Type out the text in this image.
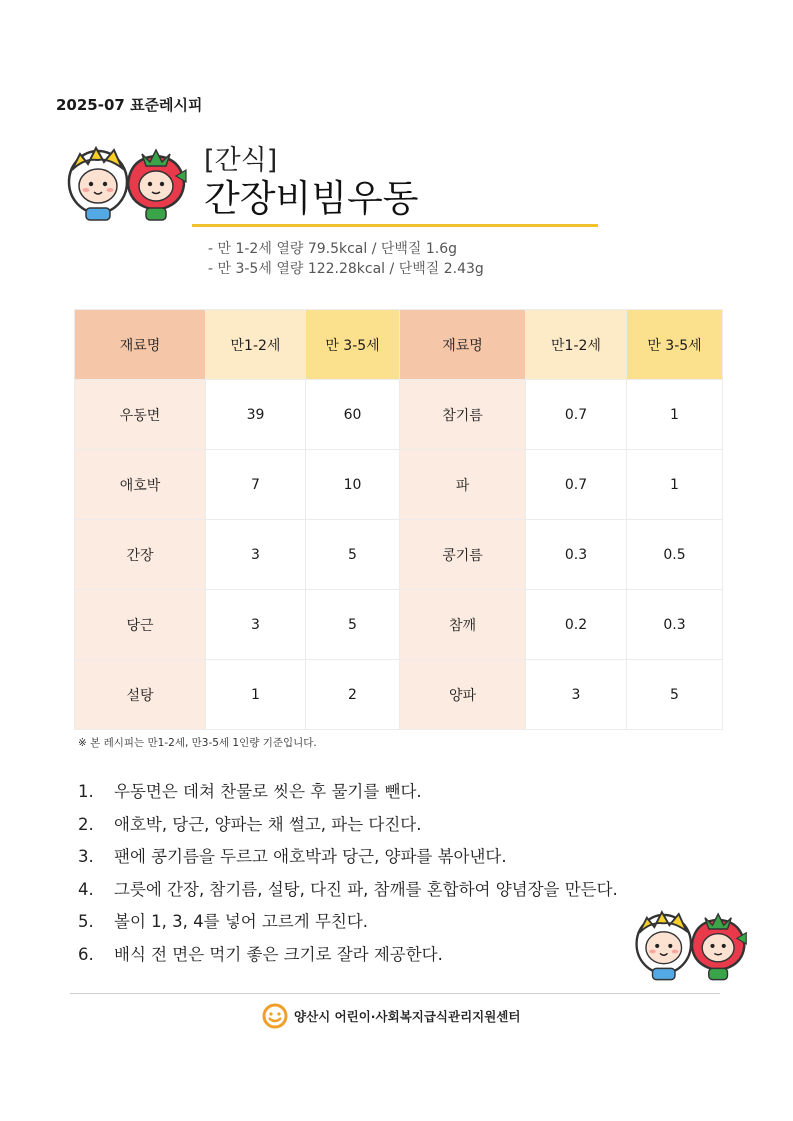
2025-07 표준레시피
[간식]
간장비빔우동
- 만 1-2세 열량 79.5kcal / 단백질 1.6g
- 만 3-5세 열량 122.28kcal / 단백질 2.43g
재료명	만1-2세	만 3-5세	재료명	만1-2세	만 3-5세
우동면	39	60	참기름	0.7	1
애호박	7	10	파	0.7	1
간장	3	5	콩기름	0.3	0.5
당근	3	5	참깨	0.2	0.3
설탕	1	2	양파	3	5
※ 본 레시피는 만1-2세, 만3-5세 1인량 기준입니다.
1.	우동면은 데쳐 찬물로 씻은 후 물기를 뺀다.
2.	애호박, 당근, 양파는 채 썰고, 파는 다진다.
3.	팬에 콩기름을 두르고 애호박과 당근, 양파를 볶아낸다.
4.	그릇에 간장, 참기름, 설탕, 다진 파, 참깨를 혼합하여 양념장을 만든다.
5.	볼이 1, 3, 4를 넣어 고르게 무친다.
6.	배식 전 면은 먹기 좋은 크기로 잘라 제공한다.
양산시 어린이·사회복지급식관리지원센터
